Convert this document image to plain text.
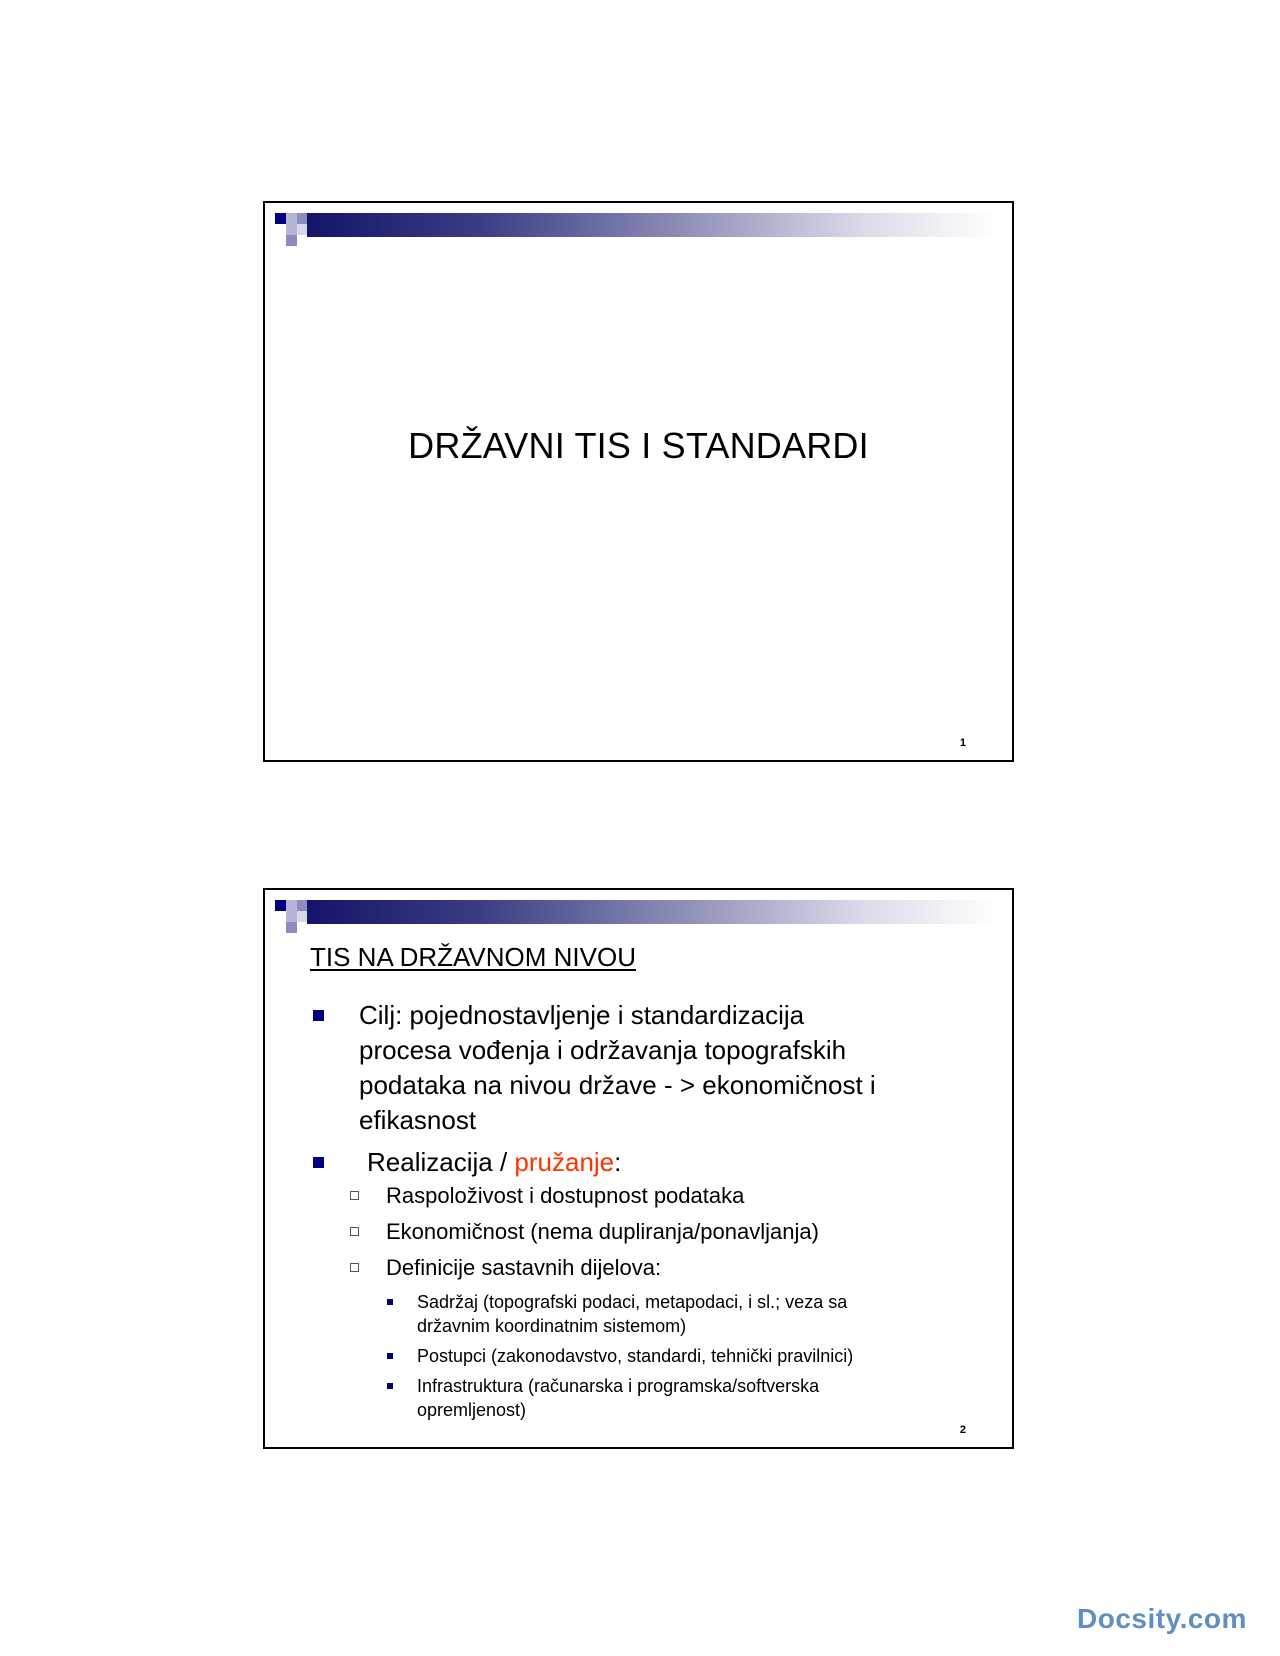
DRŽAVNI TIS I STANDARDI
1
TIS NA DRŽAVNOM NIVOU
Cilj: pojednostavljenje i standardizacija
procesa vođenja i održavanja topografskih
podataka na nivou države - > ekonomičnost i
efikasnost
Realizacija / pružanje:
Raspoloživost i dostupnost podataka
Ekonomičnost (nema dupliranja/ponavljanja)
Definicije sastavnih dijelova:
Sadržaj (topografski podaci, metapodaci, i sl.; veza sa
državnim koordinatnim sistemom)
Postupci (zakonodavstvo, standardi, tehnički pravilnici)
Infrastruktura (računarska i programska/softverska
opremljenost)
2
Docsity.com
